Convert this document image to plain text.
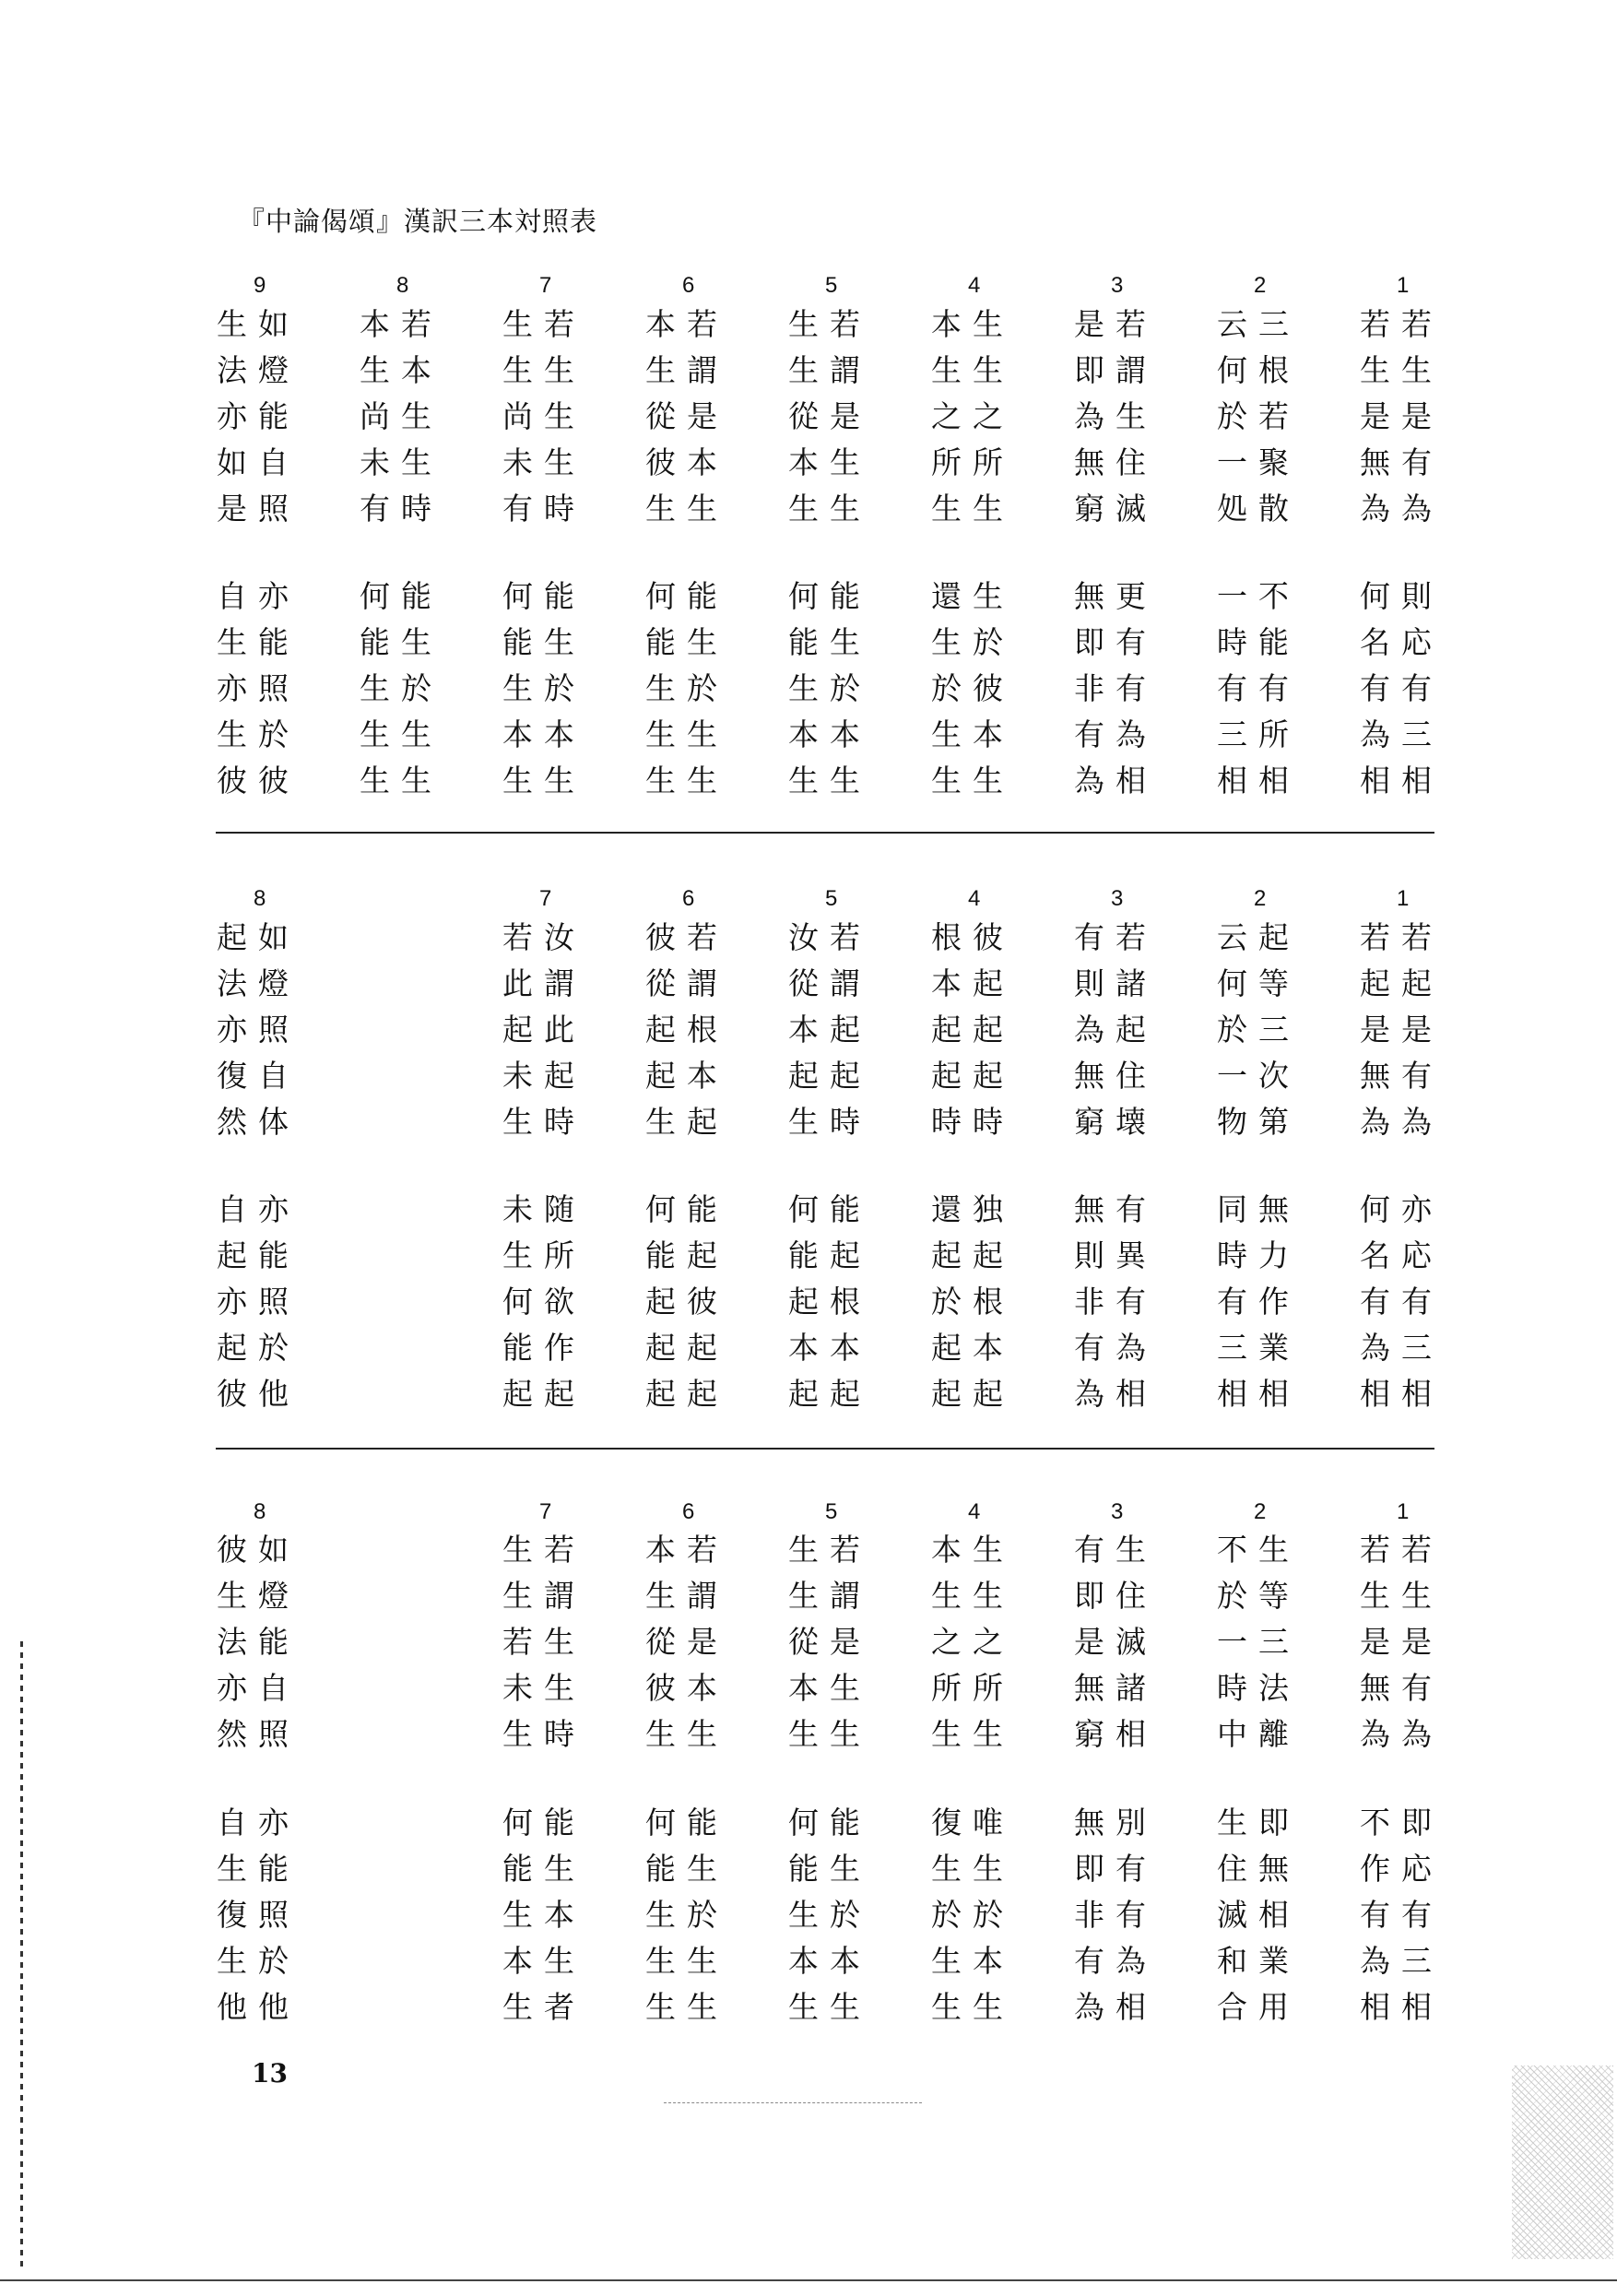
『中論偈頌』漢訳三本対照表
1
若若
生生
是是
無有
為為
何則
名応
有有
為三
相相
2
云三
何根
於若
一聚
処散
一不
時能
有有
三所
相相
3
是若
即謂
為生
無住
窮滅
無更
即有
非有
有為
為相
4
本生
生生
之之
所所
生生
還生
生於
於彼
生本
生生
5
生若
生謂
從是
本生
生生
何能
能生
生於
本本
生生
6
本若
生謂
從是
彼本
生生
何能
能生
生於
生生
生生
7
生若
生生
尚生
未生
有時
何能
能生
生於
本本
生生
8
本若
生本
尚生
未生
有時
何能
能生
生於
生生
生生
9
生如
法燈
亦能
如自
是照
自亦
生能
亦照
生於
彼彼
1
若若
起起
是是
無有
為為
何亦
名応
有有
為三
相相
2
云起
何等
於三
一次
物第
同無
時力
有作
三業
相相
3
有若
則諸
為起
無住
窮壊
無有
則異
非有
有為
為相
4
根彼
本起
起起
起起
時時
還独
起起
於根
起本
起起
5
汝若
從謂
本起
起起
生時
何能
能起
起根
本本
起起
6
彼若
從謂
起根
起本
生起
何能
能起
起彼
起起
起起
7
若汝
此謂
起此
未起
生時
未随
生所
何欲
能作
起起
8
起如
法燈
亦照
復自
然体
自亦
起能
亦照
起於
彼他
1
若若
生生
是是
無有
為為
不即
作応
有有
為三
相相
2
不生
於等
一三
時法
中離
生即
住無
滅相
和業
合用
3
有生
即住
是滅
無諸
窮相
無別
即有
非有
有為
為相
4
本生
生生
之之
所所
生生
復唯
生生
於於
生本
生生
5
生若
生謂
從是
本生
生生
何能
能生
生於
本本
生生
6
本若
生謂
從是
彼本
生生
何能
能生
生於
生生
生生
7
生若
生謂
若生
未生
生時
何能
能生
生本
本生
生者
8
彼如
生燈
法能
亦自
然照
自亦
生能
復照
生於
他他
13
